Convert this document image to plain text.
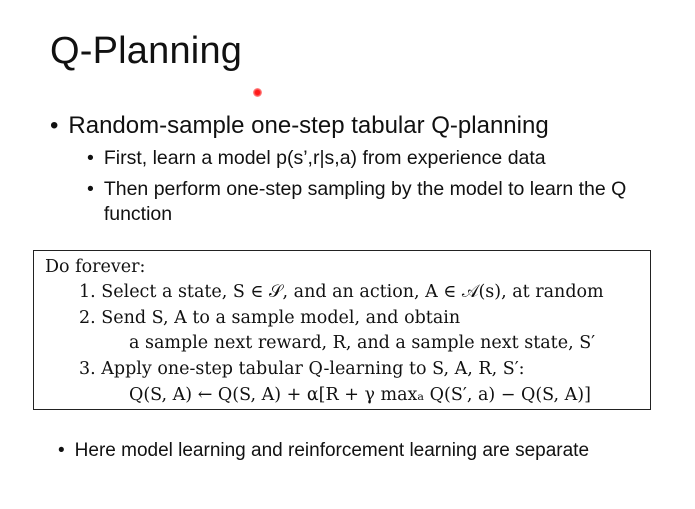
Q-Planning
• Random-sample one-step tabular Q-planning
• First, learn a model p(s’,r|s,a) from experience data
• Then perform one-step sampling by the model to learn the Q function
Do forever:
1. Select a state, S ∈ 𝒮, and an action, A ∈ 𝒜(s), at random
2. Send S, A to a sample model, and obtain
a sample next reward, R, and a sample next state, S′
3. Apply one-step tabular Q-learning to S, A, R, S′:
Q(S, A) ← Q(S, A) + α[R + γ maxₐ Q(S′, a) − Q(S, A)]
• Here model learning and reinforcement learning are separate
